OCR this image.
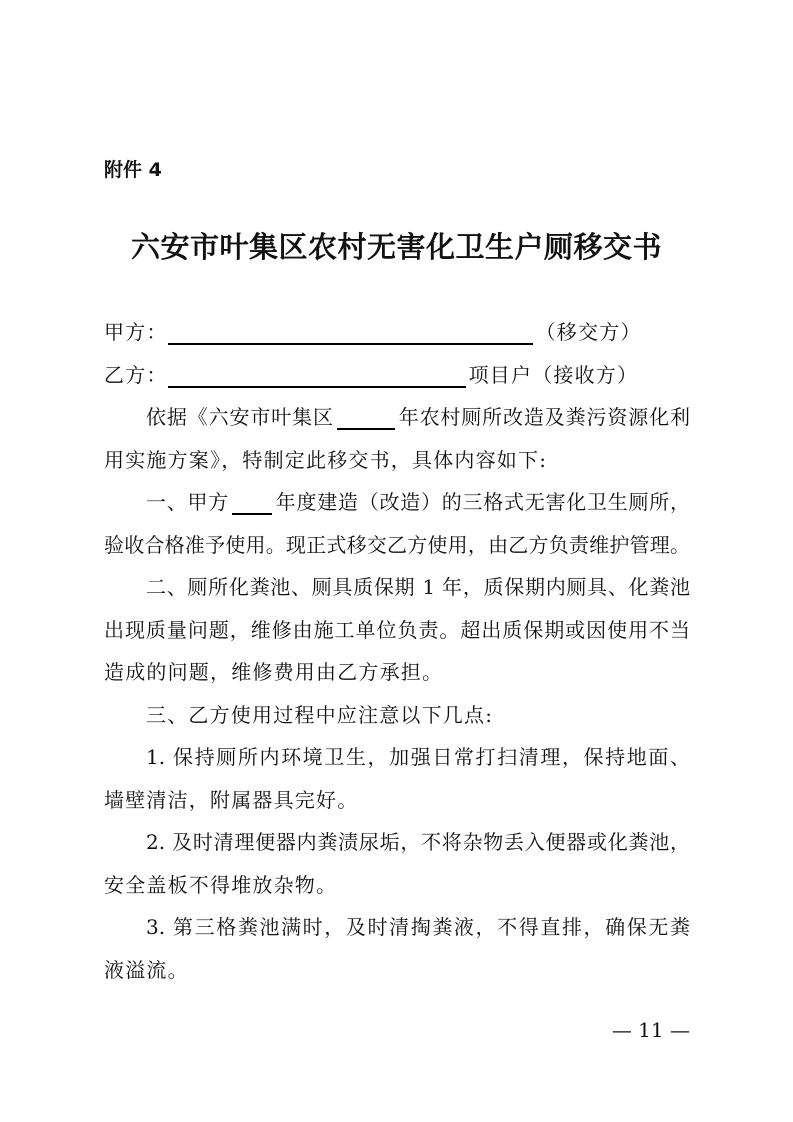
附件 4
六安市叶集区农村无害化卫生户厕移交书
甲方：	（移交方）
乙方：	项目户（接收方）
依据《六安市叶集区	年农村厕所改造及粪污资源化利
用实施方案》，特制定此移交书，具体内容如下:
一、甲方 年度建造（改造）的三格式无害化卫生厕所，
验收合格准予使用。现正式移交乙方使用，由乙方负责维护管理。
二、厕所化粪池、厕具质保期 1 年，质保期内厕具、化粪池
出现质量问题，维修由施工单位负责。超出质保期或因使用不当
造成的问题，维修费用由乙方承担。
三、乙方使用过程中应注意以下几点:
1. 保持厕所内环境卫生，加强日常打扫清理，保持地面、
墙壁清洁，附属器具完好。
2. 及时清理便器内粪渍尿垢，不将杂物丢入便器或化粪池，
安全盖板不得堆放杂物。
3. 第三格粪池满时，及时清掏粪液，不得直排，确保无粪
液溢流。
— 11 —
